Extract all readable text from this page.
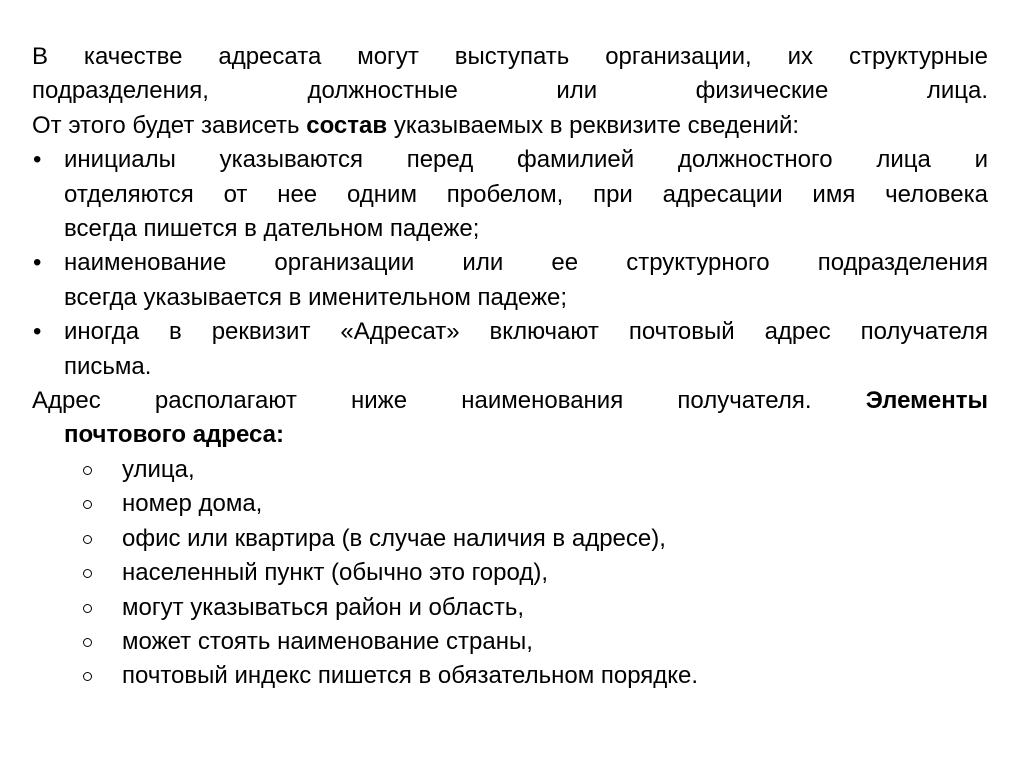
В качестве адресата могут выступать организации, их структурные
подразделения, должностные или физические лица.
От этого будет зависеть состав указываемых в реквизите сведений:
• инициалы указываются перед фамилией должностного лица и
отделяются от нее одним пробелом, при адресации имя человека
всегда пишется в дательном падеже;
• наименование организации или ее структурного подразделения
всегда указывается в именительном падеже;
• иногда в реквизит «Адресат» включают почтовый адрес получателя
письма.
Адрес располагают ниже наименования получателя. Элементы
почтового адреса:
улица,
номер дома,
офис или квартира (в случае наличия в адресе),
населенный пункт (обычно это город),
могут указываться район и область,
может стоять наименование страны,
почтовый индекс пишется в обязательном порядке.
